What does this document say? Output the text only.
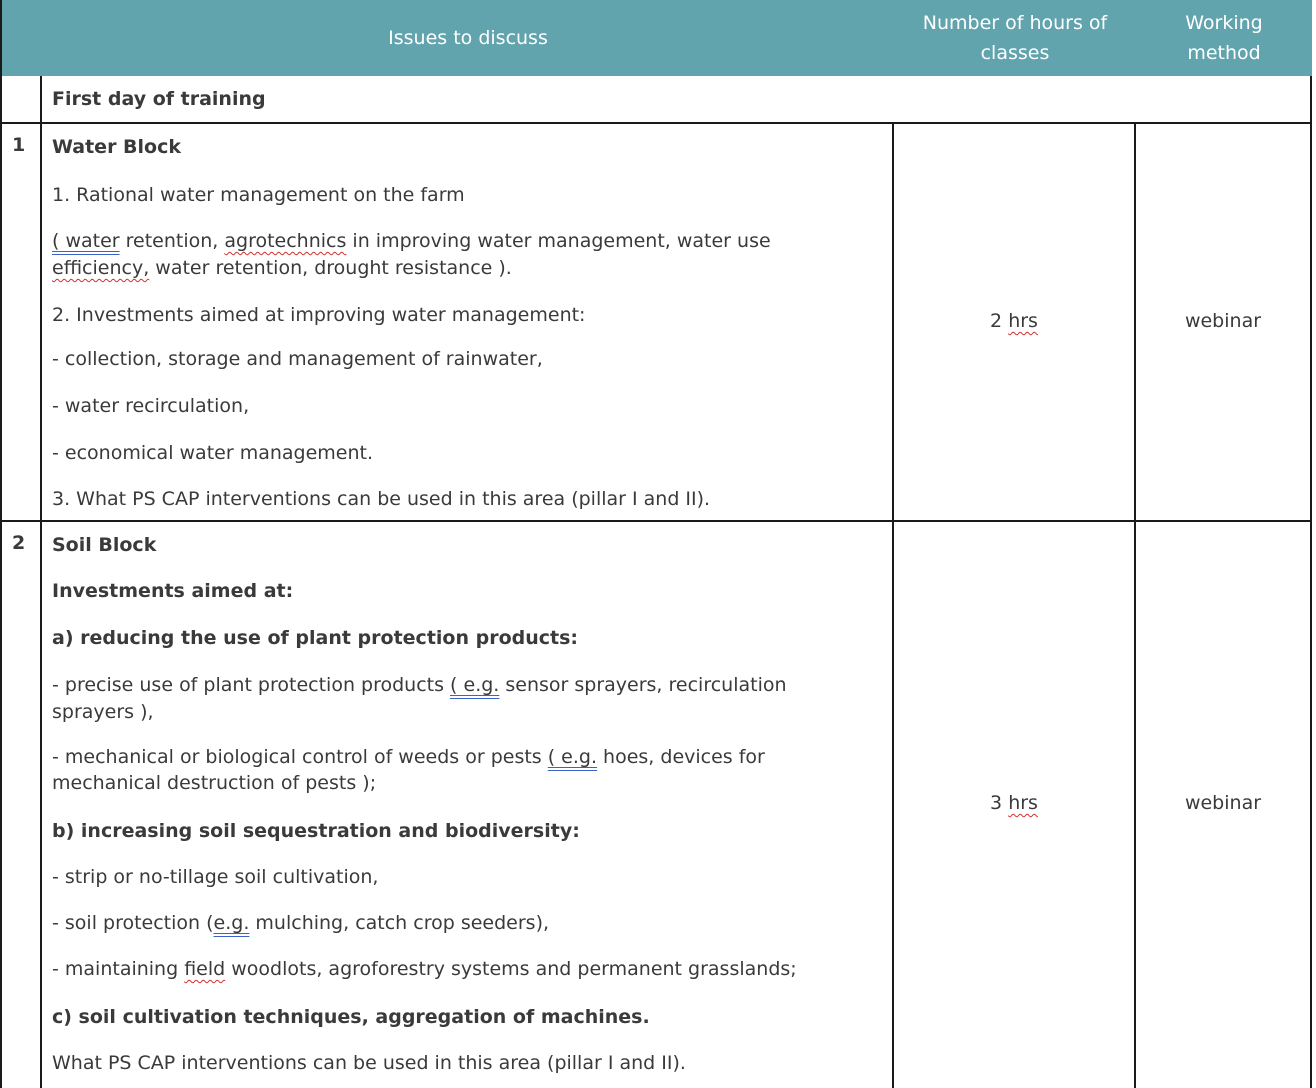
Issues to discuss
Number of hours of
classes
Working
method
First day of training
1 Water Block
1. Rational water management on the farm
( water retention, agrotechnics in improving water management, water use
efficiency, water retention, drought resistance ).
2. Investments aimed at improving water management:
- collection, storage and management of rainwater,
- water recirculation,
- economical water management.
3. What PS CAP interventions can be used in this area (pillar I and II).
2 hrs	webinar
2 Soil Block
Investments aimed at:
a) reducing the use of plant protection products:
- precise use of plant protection products ( e.g. sensor sprayers, recirculation
sprayers ),
- mechanical or biological control of weeds or pests ( e.g. hoes, devices for
mechanical destruction of pests );
b) increasing soil sequestration and biodiversity:
- strip or no-tillage soil cultivation,
- soil protection (e.g. mulching, catch crop seeders),
- maintaining field woodlots, agroforestry systems and permanent grasslands;
c) soil cultivation techniques, aggregation of machines.
What PS CAP interventions can be used in this area (pillar I and II).
3 hrs	webinar
